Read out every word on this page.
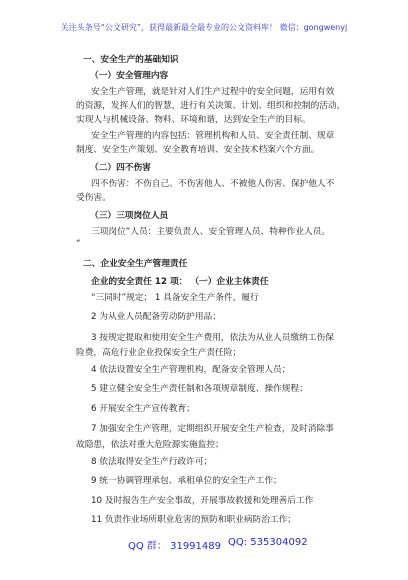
关注头条号“公文研究”，获得最新最全最专业的公文资料库！ 微信：gongwenyj
一、安全生产的基础知识
（一）安全管理内容
安全生产管理，就是针对人们生产过程中的安全问题，运用有效
的资源，发挥人们的智慧，进行有关决策、计划、组织和控制的活动，
实现人与机械设备、物料、环境和谐，达到安全生产的目标。
安全生产管理的内容包括：管理机构和人员、安全责任制、规章
制度、安全生产策划、安全教育培训、安全技术档案六个方面。
（二）四不伤害
四不伤害：不伤自己、不伤害他人、不被他人伤害、保护他人不
受伤害。
（三）三项岗位人员
三项岗位”人员：主要负责人、安全管理人员、特种作业人员。
“
二、企业安全生产管理责任
企业的安全责任 12 项： （一）企业主体责任
“三同时”规定； 1 具备安全生产条件，履行
2 为从业人员配备劳动防护用品；
3 按规定提取和使用安全生产费用，依法为从业人员缴纳工伤保
险费，高危行业企业投保安全生产责任险；
4 依法设置安全生产管理机构，配备安全管理人员；
5 建立健全安全生产责任制和各项规章制度、操作规程；
6 开展安全生产宣传教育；
7 加强安全生产管理，定期组织开展安全生产检查，及时消除事
故隐患，依法对重大危险源实施监控；
8 依法取得安全生产行政许可；
9 统一协调管理承包、承租单位的安全生产工作；
10 及时报告生产安全事故，开展事故救援和处理善后工作
11 负责作业场所职业危害的预防和职业病防治工作；
QQ 群： 31991489 QQ: 535304092
